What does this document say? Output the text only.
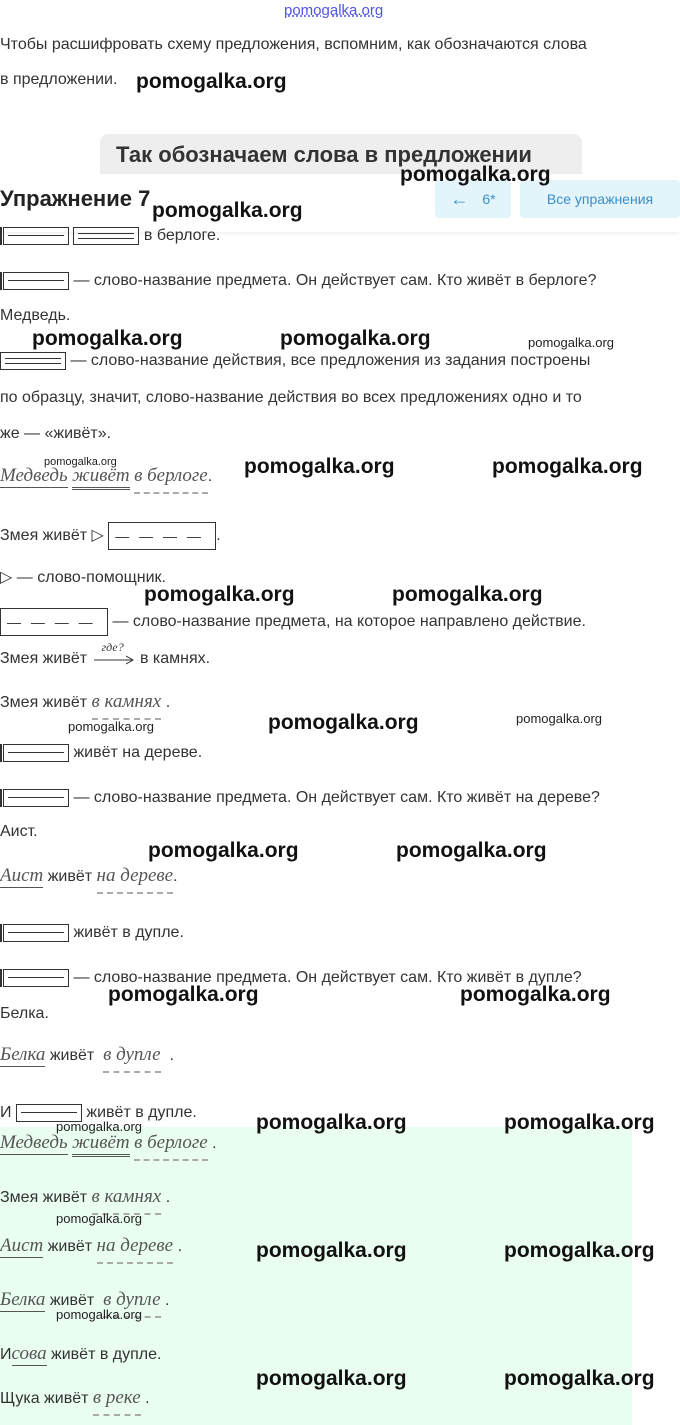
pomogalka.org
Чтобы расшифровать схему предложения, вспомним, как обозначаются слова
в предложении.
Так обозначаем слова в предложении
Упражнение 7	← 6*	Все упражнения
в берлоге.
— слово-название предмета. Он действует сам. Кто живёт в берлоге?
Медведь.
— слово-название действия, все предложения из задания построены
по образцу, значит, слово-название действия во всех предложениях одно и то
же — «живёт».
Медведь живёт в берлоге.
Змея живёт ▷ — — — —	.
▷ — слово-помощник.
— — — — — слово-название предмета, на которое направлено действие.
Змея живёт
где?
в камнях.
Змея живёт в камнях .
живёт на дереве.
— слово-название предмета. Он действует сам. Кто живёт на дереве?
Аист.
Аист живёт на дереве.
живёт в дупле.
— слово-название предмета. Он действует сам. Кто живёт в дупле?
Белка.
Белка живёт в дупле .
И	живёт в дупле.
Медведь живёт в берлоге .
Змея живёт в камнях .
Аист живёт на дереве .
Белка живёт в дупле .
Исова живёт в дупле.
Щука живёт в реке .
pomogalka.org
pomogalka.org
pomogalka.org
pomogalka.org	pomogalka.org	pomogalka.org
pomogalka.org	pomogalka.org	pomogalka.org
pomogalka.org	pomogalka.org
pomogalka.org	pomogalka.org	pomogalka.org
pomogalka.org	pomogalka.org
pomogalka.org	pomogalka.org
pomogalka.org	pomogalka.org	pomogalka.org
pomogalka.org
pomogalka.org	pomogalka.org
pomogalka.org
pomogalka.org	pomogalka.org
